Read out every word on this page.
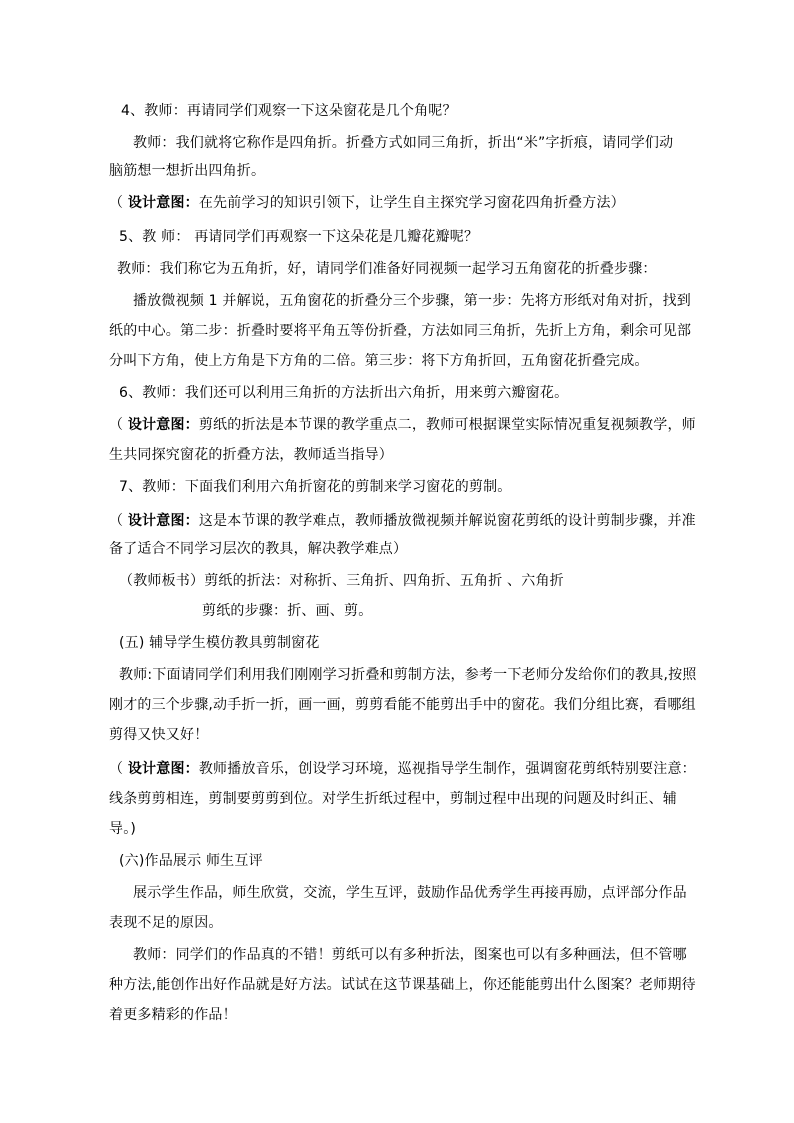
4、教师：再请同学们观察一下这朵窗花是几个角呢？
教师：我们就将它称作是四角折。折叠方式如同三角折，折出“米”字折痕，请同学们动
脑筋想一想折出四角折。
（ 设计意图：在先前学习的知识引领下，让学生自主探究学习窗花四角折叠方法）
5、教 师： 再请同学们再观察一下这朵花是几瓣花瓣呢？
教师：我们称它为五角折，好，请同学们准备好同视频一起学习五角窗花的折叠步骤：
播放微视频 1 并解说，五角窗花的折叠分三个步骤，第一步：先将方形纸对角对折，找到
纸的中心。第二步：折叠时要将平角五等份折叠，方法如同三角折，先折上方角，剩余可见部
分叫下方角，使上方角是下方角的二倍。第三步：将下方角折回，五角窗花折叠完成。
6、教师：我们还可以利用三角折的方法折出六角折，用来剪六瓣窗花。
（ 设计意图：剪纸的折法是本节课的教学重点二，教师可根据课堂实际情况重复视频教学，师
生共同探究窗花的折叠方法，教师适当指导）
7、教师：下面我们利用六角折窗花的剪制来学习窗花的剪制。
（ 设计意图：这是本节课的教学难点，教师播放微视频并解说窗花剪纸的设计剪制步骤，并准
备了适合不同学习层次的教具，解决教学难点）
（教师板书）剪纸的折法：对称折、三角折、四角折、五角折 、六角折
剪纸的步骤：折、画、剪。
(五) 辅导学生模仿教具剪制窗花
教师:下面请同学们利用我们刚刚学习折叠和剪制方法，参考一下老师分发给你们的教具,按照
刚才的三个步骤,动手折一折，画一画，剪剪看能不能剪出手中的窗花。我们分组比赛，看哪组
剪得又快又好！
（ 设计意图：教师播放音乐，创设学习环境，巡视指导学生制作，强调窗花剪纸特别要注意：
线条剪剪相连，剪制要剪剪到位。对学生折纸过程中，剪制过程中出现的问题及时纠正、辅
导。)
(六)作品展示 师生互评
展示学生作品，师生欣赏，交流，学生互评，鼓励作品优秀学生再接再励，点评部分作品
表现不足的原因。
教师：同学们的作品真的不错！剪纸可以有多种折法，图案也可以有多种画法，但不管哪
种方法,能创作出好作品就是好方法。试试在这节课基础上，你还能能剪出什么图案？老师期待
着更多精彩的作品！
